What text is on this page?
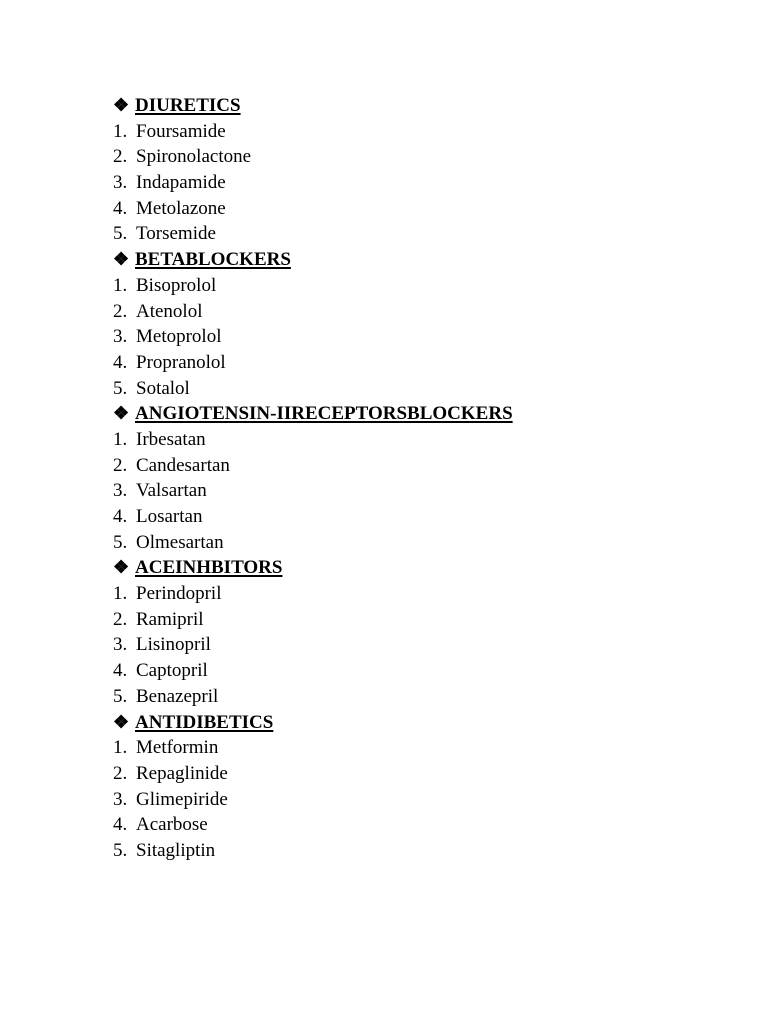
❖ DIURETICS
1. Foursamide
2. Spironolactone
3. Indapamide
4. Metolazone
5. Torsemide
❖ BETABLOCKERS
1. Bisoprolol
2. Atenolol
3. Metoprolol
4. Propranolol
5. Sotalol
❖ ANGIOTENSIN-IIRECEPTORSBLOCKERS
1. Irbesatan
2. Candesartan
3. Valsartan
4. Losartan
5. Olmesartan
❖ ACEINHBITORS
1. Perindopril
2. Ramipril
3. Lisinopril
4. Captopril
5. Benazepril
❖ ANTIDIBETICS
1. Metformin
2. Repaglinide
3. Glimepiride
4. Acarbose
5. Sitagliptin
